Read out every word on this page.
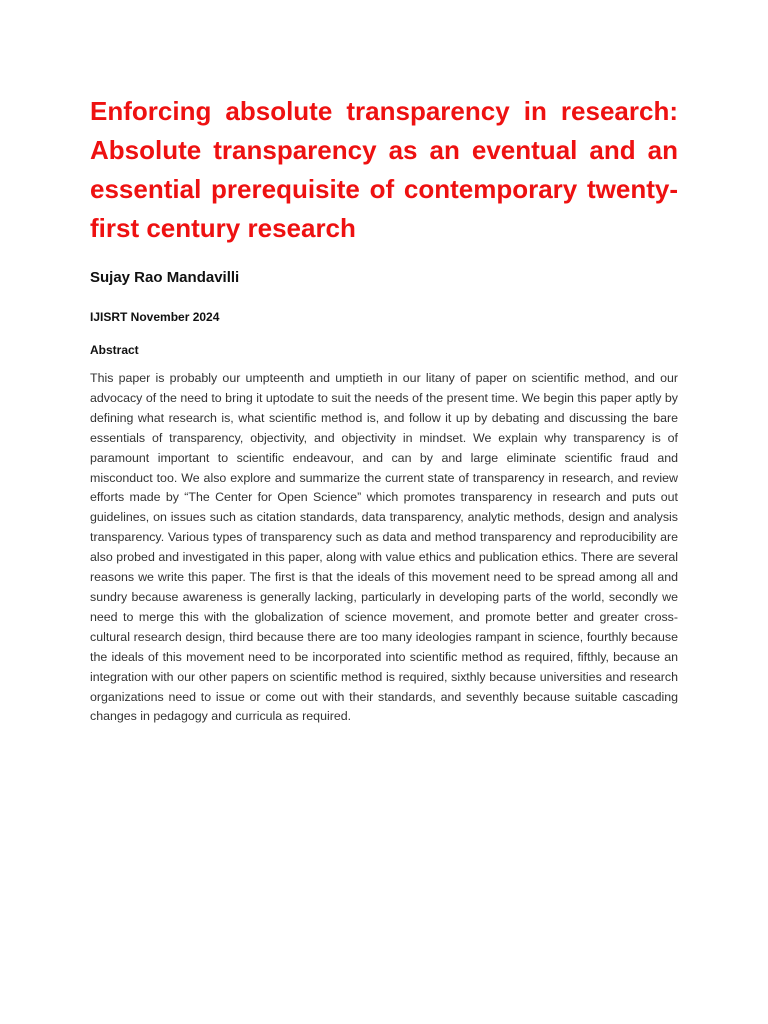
Enforcing absolute transparency in research: Absolute transparency as an eventual and an essential prerequisite of contemporary twenty-first century research
Sujay Rao Mandavilli
IJISRT November 2024
Abstract

This paper is probably our umpteenth and umptieth in our litany of paper on scientific method, and our advocacy of the need to bring it uptodate to suit the needs of the present time. We begin this paper aptly by defining what research is, what scientific method is, and follow it up by debating and discussing the bare essentials of transparency, objectivity, and objectivity in mindset. We explain why transparency is of paramount important to scientific endeavour, and can by and large eliminate scientific fraud and misconduct too. We also explore and summarize the current state of transparency in research, and review efforts made by “The Center for Open Science” which promotes transparency in research and puts out guidelines, on issues such as citation standards, data transparency, analytic methods, design and analysis transparency. Various types of transparency such as data and method transparency and reproducibility are also probed and investigated in this paper, along with value ethics and publication ethics. There are several reasons we write this paper. The first is that the ideals of this movement need to be spread among all and sundry because awareness is generally lacking, particularly in developing parts of the world, secondly we need to merge this with the globalization of science movement, and promote better and greater cross-cultural research design, third because there are too many ideologies rampant in science, fourthly because the ideals of this movement need to be incorporated into scientific method as required, fifthly, because an integration with our other papers on scientific method is required, sixthly because universities and research organizations need to issue or come out with their standards, and seventhly because suitable cascading changes in pedagogy and curricula as required.
